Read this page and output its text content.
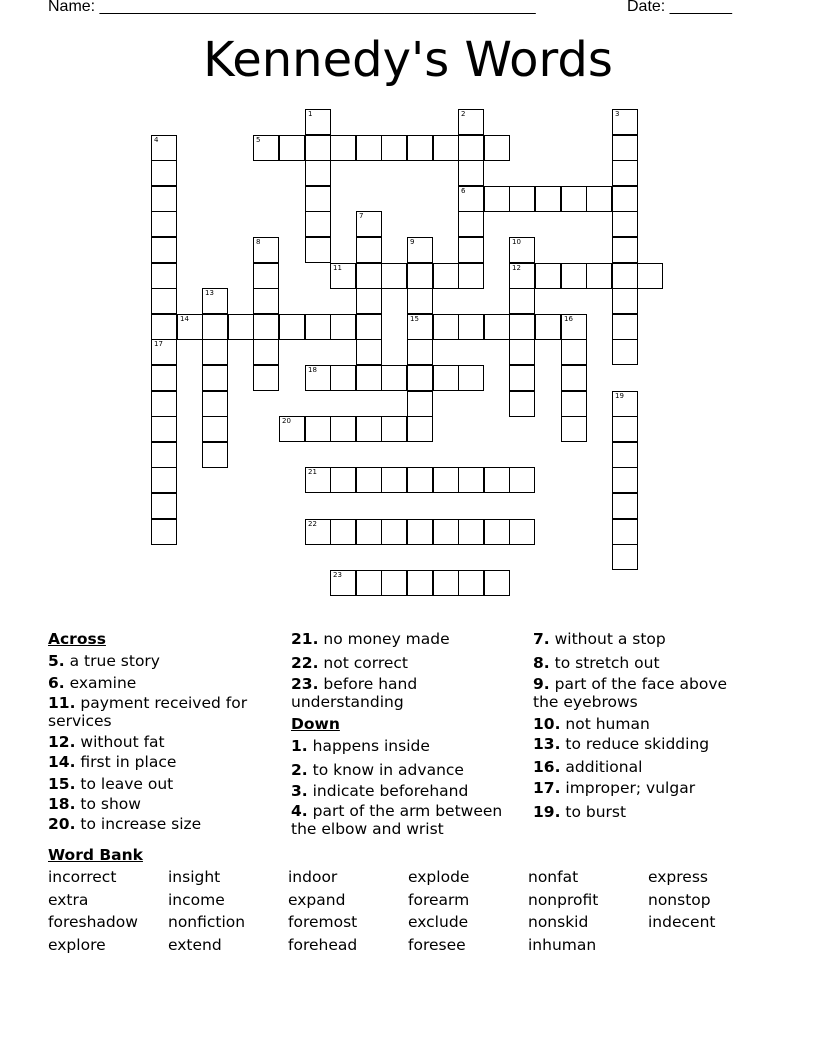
Name: _________________________________________________	Date: _______
Kennedy's Words
5
6
11	12
14	15	16
18
20
21
22
23
1	2	3
4
7
8	9	10
13
17
19
Across
5. a true story
6. examine
11. payment received for services
12. without fat
14. first in place
15. to leave out
18. to show
20. to increase size
21. no money made
22. not correct
23. before hand understanding
Down
1. happens inside
2. to know in advance
3. indicate beforehand
4. part of the arm between the elbow and wrist
7. without a stop
8. to stretch out
9. part of the face above the eyebrows
10. not human
13. to reduce skidding
16. additional
17. improper; vulgar
19. to burst
Word Bank
incorrect	insight	indoor	explode	nonfat	express
extra	income	expand	forearm	nonprofit	nonstop
foreshadow nonfiction	foremost	exclude	nonskid	indecent
explore	extend	forehead	foresee	inhuman
